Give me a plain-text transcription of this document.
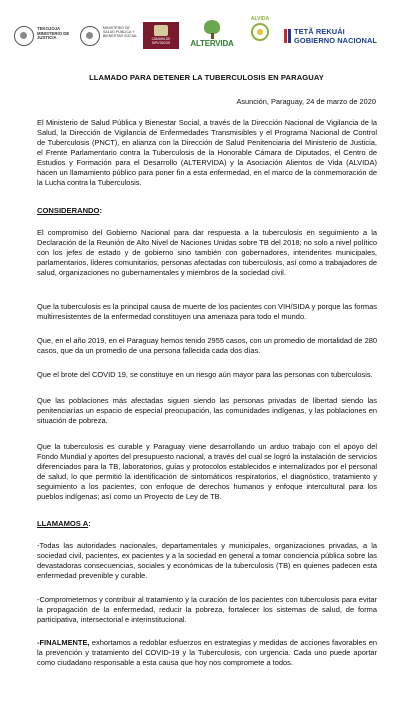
TEKOJOJA MINISTERIO DE JUSTICIA
MINISTERIO DE SALUD PÚBLICA Y BIENESTAR SOCIAL
CÁMARA DE DIPUTADOS	ALTERVIDA
ALVIDA
TETÃ REKUÁI
GOBIERNO NACIONAL
LLAMADO PARA DETENER LA TUBERCULOSIS EN PARAGUAY
Asunción, Paraguay, 24 de marzo de 2020
El Ministerio de Salud Pública y Bienestar Social, a través de la Dirección Nacional de Vigilancia de la Salud, la Dirección de Vigilancia de Enfermedades Transmisibles y el Programa Nacional de Control de Tuberculosis (PNCT), en alianza con la Dirección de Salud Penitenciaria del Ministerio de Justicia, el Frente Parlamentario contra la Tuberculosis de la Honorable Cámara de Diputados, el Centro de Estudios y Formación para el Desarrollo (ALTERVIDA) y la Asociación Alientos de Vida (ALVIDA) hacen un llamamiento público para poner fin a esta enfermedad, en el marco de la conmemoración de la Lucha contra la Tuberculosis.
CONSIDERANDO:
El compromiso del Gobierno Nacional para dar respuesta a la tuberculosis en seguimiento a la Declaración de la Reunión de Alto Nivel de Naciones Unidas sobre TB del 2018; no solo a nivel político con los jefes de estado y de gobierno sino también con gobernadores, intendentes municipales, parlamentarios, líderes comunitarios, personas afectadas con tuberculosis, así como a trabajadores de salud, organizaciones no gubernamentales y miembros de la sociedad civil.
Que la tuberculosis es la principal causa de muerte de los pacientes con VIH/SIDA y porque las formas multirresistentes de la enfermedad constituyen una amenaza para todo el mundo.
Que, en el año 2019, en el Paraguay hemos tenido 2955 casos, con un promedio de mortalidad de 280 casos, que da un promedio de una persona fallecida cada dos días.
Que el brote del COVID 19, se constituye en un riesgo aún mayor para las personas con tuberculosis.
Que las poblaciones más afectadas siguen siendo las personas privadas de libertad siendo las penitenciarías un espacio de especial preocupación, las comunidades indígenas, y las poblaciones en situación de pobreza.
Que la tuberculosis es curable y Paraguay viene desarrollando un arduo trabajo con el apoyo del Fondo Mundial y aportes del presupuesto nacional, a través del cual se logró la instalación de servicios diferenciados para la TB, laboratorios, guías y protocolos establecidos e internalizados por el personal de salud, lo que permitió la identificación de sintomáticos respiratorios, el diagnóstico, tratamiento y seguimiento a los pacientes, con enfoque de derechos humanos y enfoque intercultural para los pueblos indígenas; así como un Proyecto de Ley de TB.
LLAMAMOS A:
-Todas las autoridades nacionales, departamentales y municipales, organizaciones privadas, a la sociedad civil, pacientes, ex pacientes y a la sociedad en general a tomar conciencia pública sobre las devastadoras consecuencias, sociales y económicas de la tuberculosis (TB) en quienes padecen esta enfermedad prevenible y curable.
-Comprometernos y contribuir al tratamiento y la curación de los pacientes con tuberculosis para evitar la propagación de la enfermedad, reducir la pobreza, fortalecer los sistemas de salud, de forma participativa, intersectorial e interinstitucional.
-FINALMENTE, exhortamos a redoblar esfuerzos en estrategias y medidas de acciones favorables en la prevención y tratamiento del COVID-19 y la Tuberculosis, con urgencia. Cada uno puede aportar como ciudadano responsable a esta causa que hoy nos compromete a todos.
